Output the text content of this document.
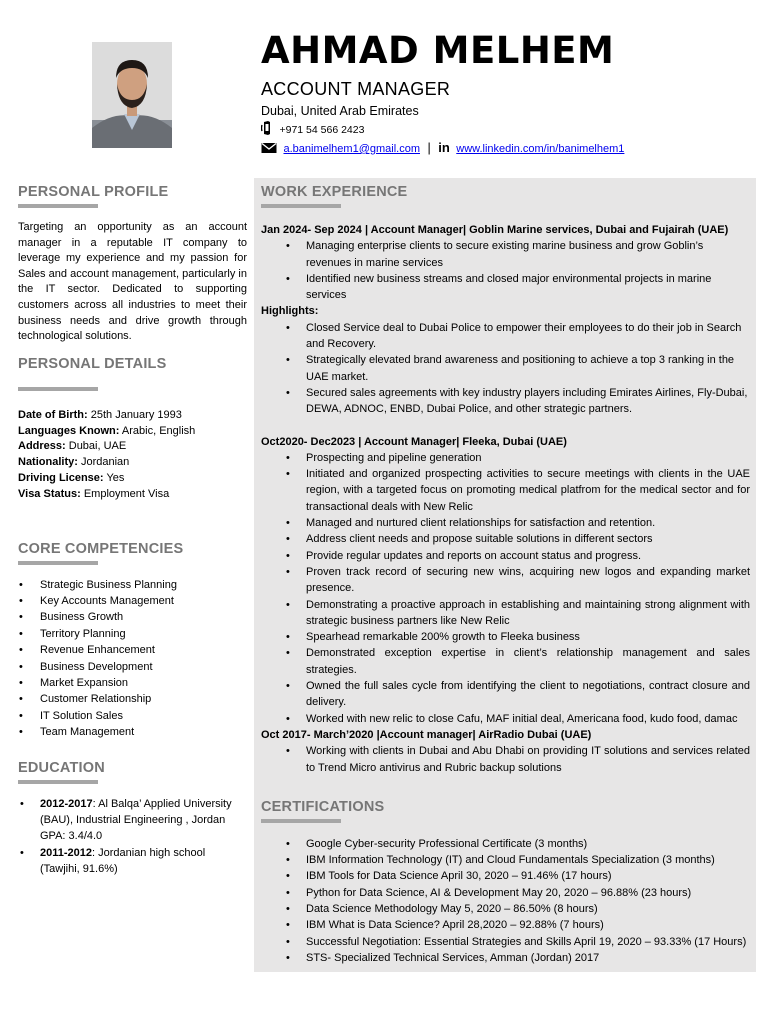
AHMAD MELHEM
ACCOUNT MANAGER
Dubai, United Arab Emirates
+971 54 566 2423
a.banimelhem1@gmail.com | in www.linkedin.com/in/banimelhem1
PERSONAL PROFILE

Targeting an opportunity as an account manager in a reputable IT company to leverage my experience and my passion for Sales and account management, particularly in the IT sector. Dedicated to supporting customers across all industries to meet their business needs and drive growth through technological solutions.

PERSONAL DETAILS
Date of Birth: 25th January 1993
Languages Known: Arabic, English
Address: Dubai, UAE
Nationality: Jordanian
Driving License: Yes
Visa Status: Employment Visa
CORE COMPETENCIES
• Strategic Business Planning
• Key Accounts Management
• Business Growth
• Territory Planning
• Revenue Enhancement
• Business Development
• Market Expansion
• Customer Relationship
• IT Solution Sales
• Team Management
EDUCATION
• 2012-2017: Al Balqa’ Applied University (BAU), Industrial Engineering , Jordan GPA: 3.4/4.0
• 2011-2012: Jordanian high school (Tawjihi, 91.6%)
WORK EXPERIENCE
Jan 2024- Sep 2024 | Account Manager| Goblin Marine services, Dubai and Fujairah (UAE)
• Managing enterprise clients to secure existing marine business and grow Goblin’s revenues in marine services
• Identified new business streams and closed major environmental projects in marine services
Highlights:
• Closed Service deal to Dubai Police to empower their employees to do their job in Search and Recovery.
• Strategically elevated brand awareness and positioning to achieve a top 3 ranking in the UAE market.
• Secured sales agreements with key industry players including Emirates Airlines, Fly-Dubai, DEWA, ADNOC, ENBD, Dubai Police, and other strategic partners.
Oct2020- Dec2023 | Account Manager| Fleeka, Dubai (UAE)
• Prospecting and pipeline generation
• Initiated and organized prospecting activities to secure meetings with clients in the UAE region, with a targeted focus on promoting medical platfrom for the medical sector and for transactional deals with New Relic
• Managed and nurtured client relationships for satisfaction and retention.
• Address client needs and propose suitable solutions in different sectors
• Provide regular updates and reports on account status and progress.
• Proven track record of securing new wins, acquiring new logos and expanding market presence.
• Demonstrating a proactive approach in establishing and maintaining strong alignment with strategic business partners like New Relic
• Spearhead remarkable 200% growth to Fleeka business
• Demonstrated exception expertise in client’s relationship management and sales strategies.
• Owned the full sales cycle from identifying the client to negotiations, contract closure and delivery.
• Worked with new relic to close Cafu, MAF initial deal, Americana food, kudo food, damac
Oct 2017- March’2020 |Account manager| AirRadio Dubai (UAE)
• Working with clients in Dubai and Abu Dhabi on providing IT solutions and services related to Trend Micro antivirus and Rubric backup solutions
CERTIFICATIONS
• Google Cyber-security Professional Certificate (3 months)
• IBM Information Technology (IT) and Cloud Fundamentals Specialization (3 months)
• IBM Tools for Data Science April 30, 2020 – 91.46% (17 hours)
• Python for Data Science, AI & Development May 20, 2020 – 96.88% (23 hours)
• Data Science Methodology May 5, 2020 – 86.50% (8 hours)
• IBM What is Data Science? April 28,2020 – 92.88% (7 hours)
• Successful Negotiation: Essential Strategies and Skills April 19, 2020 – 93.33% (17 Hours)
• STS- Specialized Technical Services, Amman (Jordan) 2017
